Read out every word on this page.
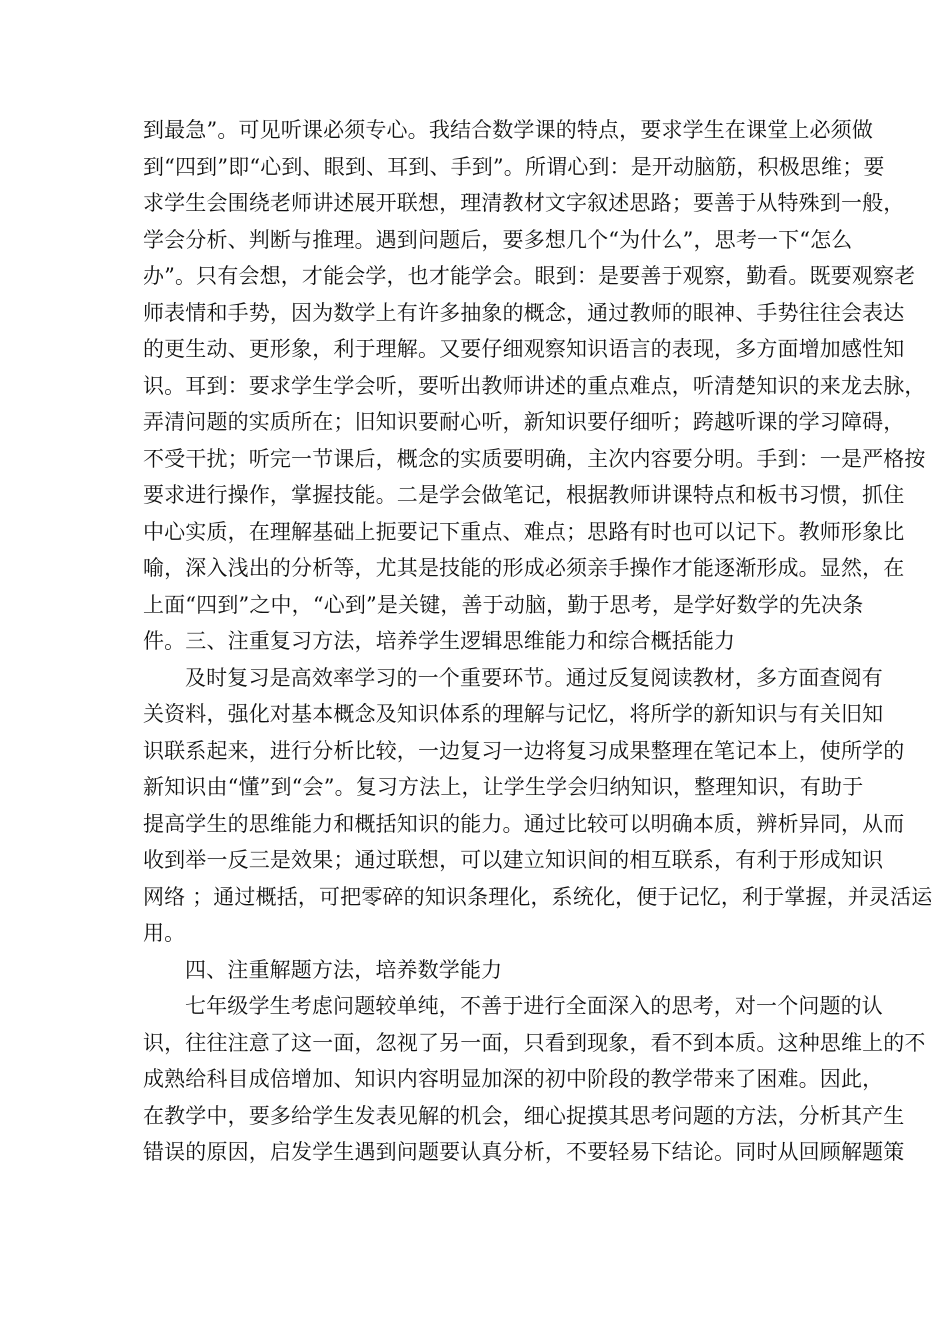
到最急”。可见听课必须专心。我结合数学课的特点，要求学生在课堂上必须做
到“四到”即“心到、眼到、耳到、手到”。所谓心到：是开动脑筋，积极思维；要
求学生会围绕老师讲述展开联想，理清教材文字叙述思路；要善于从特殊到一般，
学会分析、判断与推理。遇到问题后，要多想几个“为什么”，思考一下“怎么
办”。只有会想，才能会学，也才能学会。眼到：是要善于观察，勤看。既要观察老
师表情和手势，因为数学上有许多抽象的概念，通过教师的眼神、手势往往会表达
的更生动、更形象，利于理解。又要仔细观察知识语言的表现，多方面增加感性知
识。耳到：要求学生学会听，要听出教师讲述的重点难点，听清楚知识的来龙去脉，
弄清问题的实质所在；旧知识要耐心听，新知识要仔细听；跨越听课的学习障碍，
不受干扰；听完一节课后，概念的实质要明确，主次内容要分明。手到：一是严格按
要求进行操作，掌握技能。二是学会做笔记，根据教师讲课特点和板书习惯，抓住
中心实质，在理解基础上扼要记下重点、难点；思路有时也可以记下。教师形象比
喻，深入浅出的分析等，尤其是技能的形成必须亲手操作才能逐渐形成。显然，在
上面“四到”之中，“心到”是关键，善于动脑，勤于思考，是学好数学的先决条
件。三、注重复习方法，培养学生逻辑思维能力和综合概括能力
及时复习是高效率学习的一个重要环节。通过反复阅读教材，多方面查阅有
关资料，强化对基本概念及知识体系的理解与记忆，将所学的新知识与有关旧知
识联系起来，进行分析比较，一边复习一边将复习成果整理在笔记本上，使所学的
新知识由“懂”到“会”。复习方法上，让学生学会归纳知识，整理知识，有助于
提高学生的思维能力和概括知识的能力。通过比较可以明确本质，辨析异同，从而
收到举一反三是效果；通过联想，可以建立知识间的相互联系，有利于形成知识
网络 ；通过概括，可把零碎的知识条理化，系统化，便于记忆，利于掌握，并灵活运
用。
四、注重解题方法，培养数学能力
七年级学生考虑问题较单纯，不善于进行全面深入的思考，对一个问题的认
识，往往注意了这一面，忽视了另一面，只看到现象，看不到本质。这种思维上的不
成熟给科目成倍增加、知识内容明显加深的初中阶段的教学带来了困难。因此，
在教学中，要多给学生发表见解的机会，细心捉摸其思考问题的方法，分析其产生
错误的原因，启发学生遇到问题要认真分析，不要轻易下结论。同时从回顾解题策
